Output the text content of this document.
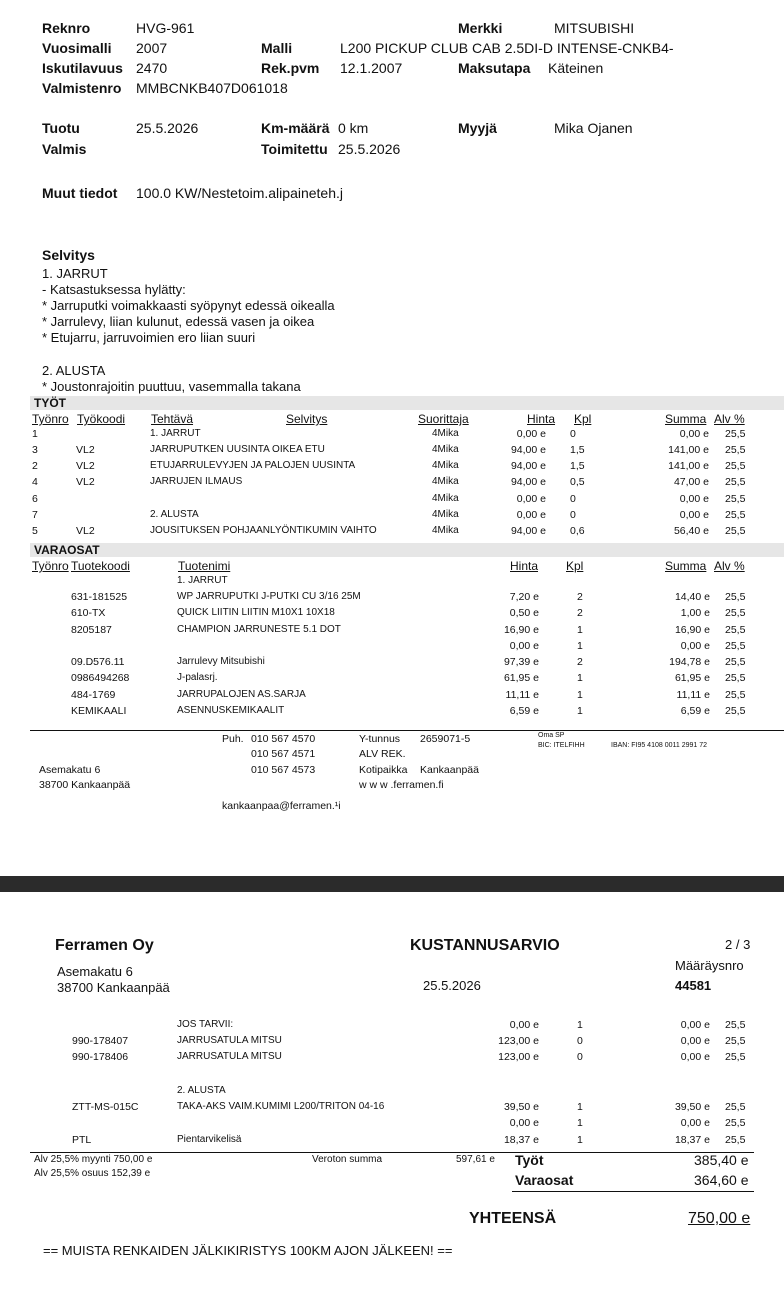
Reknro	HVG-961	Merkki	MITSUBISHI
Vuosimalli 2007	Malli	L200 PICKUP CLUB CAB 2.5DI-D INTENSE-CNKB4-
Iskutilavuus 2470	Rek.pvm 12.1.2007	Maksutapa Käteinen
Valmistenro MMBCNKB407D061018
Tuotu	25.5.2026	Km-määrä 0 km	Myyjä	Mika Ojanen
Valmis	Toimitettu 25.5.2026
Muut tiedot 100.0 KW/Nestetoim.alipaineteh.j
Selvitys
1. JARRUT
- Katsastuksessa hylätty:
* Jarruputki voimakkaasti syöpynyt edessä oikealla
* Jarrulevy, liian kulunut, edessä vasen ja oikea
* Etujarru, jarruvoimien ero liian suuri
2. ALUSTA
* Joustonrajoitin puuttuu, vasemmalla takana
TYÖT
Työnro Työkoodi Tehtävä	Selvitys	Suorittaja	Hinta Kpl	Summa Alv %
1	1. JARRUT	4Mika	0,00 e 0	0,00 e 25,5
3	VL2	JARRUPUTKEN UUSINTA OIKEA ETU	4Mika	94,00 e 1,5	141,00 e 25,5
2	VL2	ETUJARRULEVYJEN JA PALOJEN UUSINTA	4Mika	94,00 e 1,5	141,00 e 25,5
4	VL2	JARRUJEN ILMAUS	4Mika	94,00 e 0,5	47,00 e 25,5
6	4Mika	0,00 e 0	0,00 e 25,5
7	2. ALUSTA	4Mika	0,00 e 0	0,00 e 25,5
5	VL2	JOUSITUKSEN POHJAANLYÖNTIKUMIN VAIHTO	4Mika	94,00 e 0,6	56,40 e 25,5
VARAOSAT
Työnro Tuotekoodi	Tuotenimi	Hinta Kpl	Summa Alv %
1. JARRUT
631-181525	WP JARRUPUTKI J-PUTKI CU 3/16 25M	7,20 e	2	14,40 e 25,5
610-TX	QUICK LIITIN LIITIN M10X1 10X18	0,50 e	2	1,00 e 25,5
8205187	CHAMPION JARRUNESTE 5.1 DOT	16,90 e	1	16,90 e 25,5
0,00 e	1	0,00 e 25,5
09.D576.11	Jarrulevy Mitsubishi	97,39 e	2	194,78 e 25,5
0986494268	J-palasrj.	61,95 e	1	61,95 e 25,5
484-1769	JARRUPALOJEN AS.SARJA	11,11 e	1	11,11 e 25,5
KEMIKAALI	ASENNUSKEMIKAALIT	6,59 e	1	6,59 e 25,5
Puh. 010 567 4570
010 567 4571
010 567 4573
Y-tunnus 2659071-5
ALV REK.
Kotipaikka Kankaanpää
w w w .ferramen.fi
Oma SP
BIC: ITELFIHH	IBAN: FI95 4108 0011 2991 72
Asemakatu 6
38700 Kankaanpää
kankaanpaa@ferramen.¹i
Ferramen Oy	KUSTANNUSARVIO	2 / 3
Määräysnro
44581
Asemakatu 6
38700 Kankaanpää	25.5.2026
JOS TARVII:	0,00 e	1	0,00 e 25,5
990-178407	JARRUSATULA MITSU	123,00 e	0	0,00 e 25,5
990-178406	JARRUSATULA MITSU	123,00 e	0	0,00 e 25,5
2. ALUSTA
ZTT-MS-015C	TAKA-AKS VAIM.KUMIMI L200/TRITON 04-16	39,50 e	1	39,50 e 25,5
0,00 e	1	0,00 e 25,5
PTL	Pientarvikelisä	18,37 e	1	18,37 e 25,5
Alv 25,5% myynti 750,00 e
Alv 25,5% osuus 152,39 e
Veroton summa	597,61 e Työt	385,40 e
Varaosat	364,60 e
YHTEENSÄ	750,00 e
== MUISTA RENKAIDEN JÄLKIKIRISTYS 100KM AJON JÄLKEEN! ==
